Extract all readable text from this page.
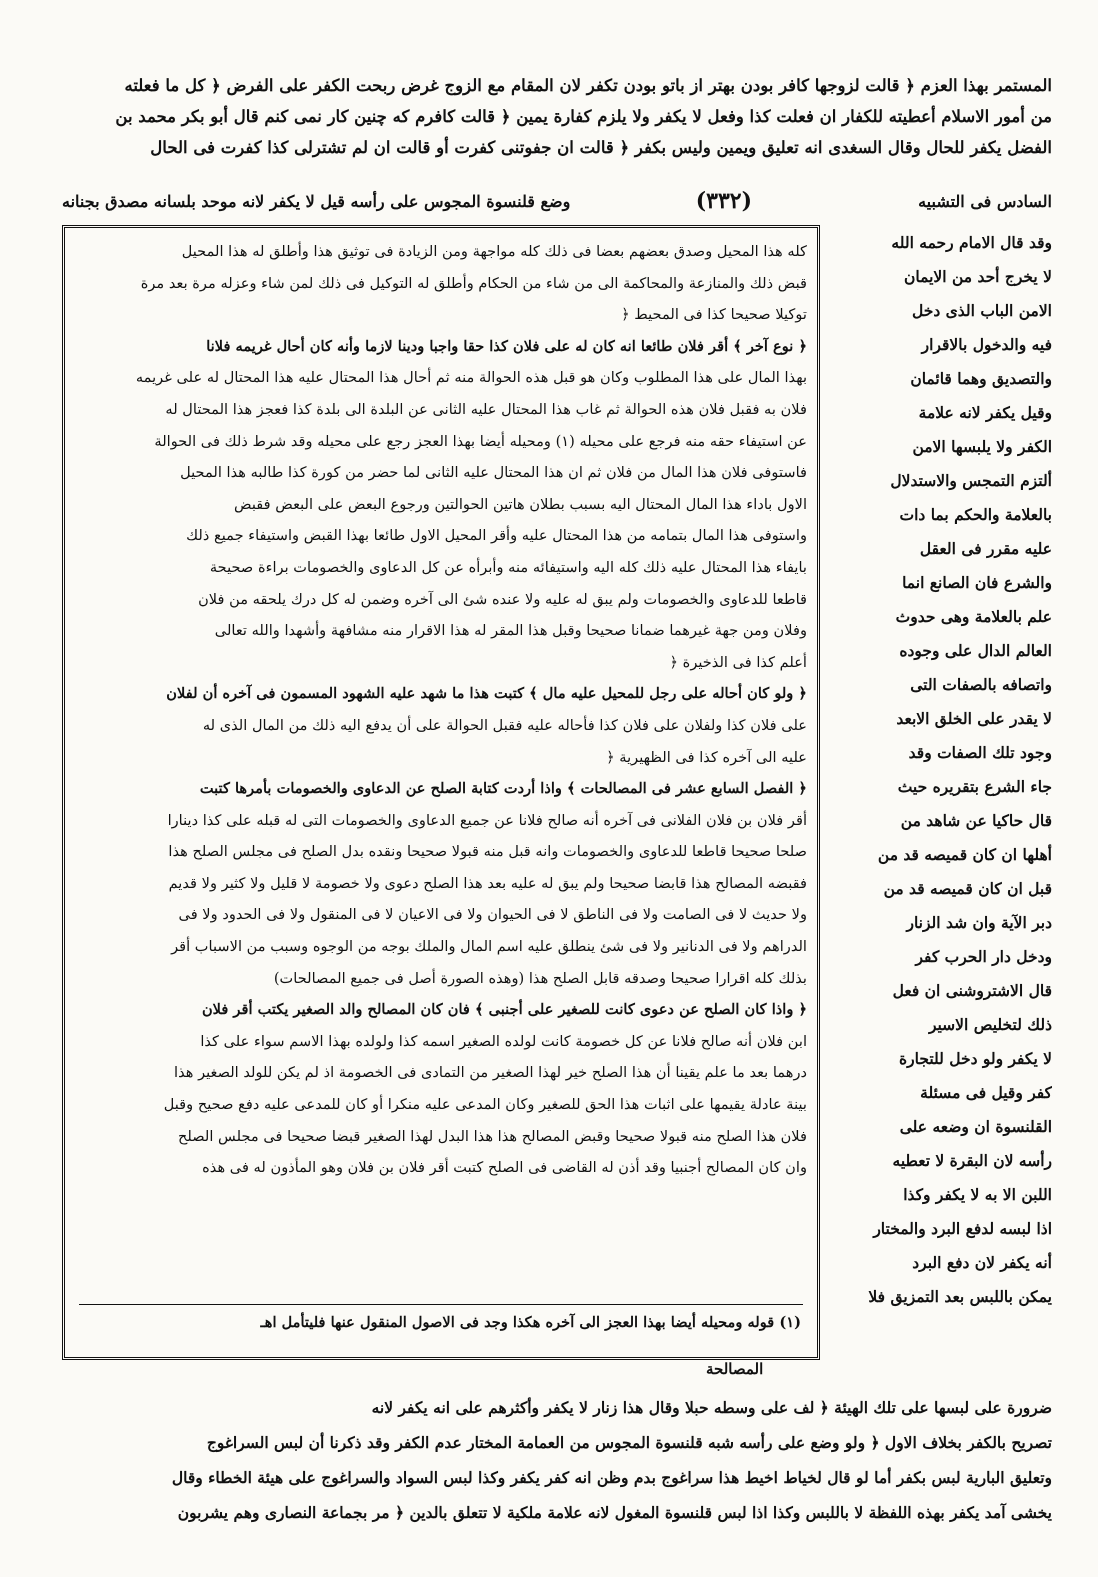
المستمر بهذا العزم ﴿ قالت لزوجها كافر بودن بهتر از باتو بودن تكفر لان المقام مع الزوج غرض ربحت الكفر على الفرض ﴿ كل ما فعلته

من أمور الاسلام أعطيته للكفار ان فعلت كذا وفعل لا يكفر ولا يلزم كفارة يمين ﴿ قالت كافرم كه چنين كار نمى كنم قال أبو بكر محمد بن

الفضل يكفر للحال وقال السغدى انه تعليق ويمين وليس بكفر ﴿ قالت ان جفوتنى كفرت أو قالت ان لم تشترلى كذا كفرت فى الحال

السادس فى التشبيه
(٣٣٢)
وضع قلنسوة المجوس على رأسه قيل لا يكفر لانه موحد بلسانه مصدق بجنانه

وقد قال الامام رحمه الله

لا يخرج أحد من الايمان

الامن الباب الذى دخل

فيه والدخول بالاقرار

والتصديق وهما قائمان

وقيل يكفر لانه علامة

الكفر ولا يلبسها الامن

ألتزم التمجس والاستدلال

بالعلامة والحكم بما دات

عليه مقرر فى العقل

والشرع فان الصانع انما

علم بالعلامة وهى حدوث

العالم الدال على وجوده

واتصافه بالصفات التى

لا يقدر على الخلق الابعد

وجود تلك الصفات وقد

جاء الشرع بتقريره حيث

قال حاكيا عن شاهد من

أهلها ان كان قميصه قد من

قبل ان كان قميصه قد من

دبر الآية وان شد الزنار

ودخل دار الحرب كفر

قال الاشتروشنى ان فعل

ذلك لتخليص الاسير

لا يكفر ولو دخل للتجارة

كفر وقيل فى مسئلة

القلنسوة ان وضعه على

رأسه لان البقرة لا تعطيه

اللبن الا به لا يكفر وكذا

اذا لبسه لدفع البرد والمختار

أنه يكفر لان دفع البرد

يمكن باللبس بعد التمزيق فلا

كله هذا المحيل وصدق بعضهم بعضا فى ذلك كله مواجهة ومن الزيادة فى توثيق هذا وأطلق له هذا المحيل

قبض ذلك والمنازعة والمحاكمة الى من شاء من الحكام وأطلق له التوكيل فى ذلك لمن شاء وعزله مرة بعد مرة

توكيلا صحيحا كذا فى المحيط ﴿

﴿ نوع آخر ﴾ أقر فلان طائعا انه كان له على فلان كذا حقا واجبا ودينا لازما وأنه كان أحال غريمه فلانا

بهذا المال على هذا المطلوب وكان هو قبل هذه الحوالة منه ثم أحال هذا المحتال عليه هذا المحتال له على غريمه

فلان به فقبل فلان هذه الحوالة ثم غاب هذا المحتال عليه الثانى عن البلدة الى بلدة كذا فعجز هذا المحتال له

عن استيفاء حقه منه فرجع على محيله (١) ومحيله أيضا بهذا العجز رجع على محيله وقد شرط ذلك فى الحوالة

فاستوفى فلان هذا المال من فلان ثم ان هذا المحتال عليه الثانى لما حضر من كورة كذا طالبه هذا المحيل

الاول باداء هذا المال المحتال اليه بسبب بطلان هاتين الحوالتين ورجوع البعض على البعض فقبض

واستوفى هذا المال بتمامه من هذا المحتال عليه وأقر المحيل الاول طائعا بهذا القبض واستيفاء جميع ذلك

بايفاء هذا المحتال عليه ذلك كله اليه واستيفائه منه وأبرأه عن كل الدعاوى والخصومات براءة صحيحة

قاطعا للدعاوى والخصومات ولم يبق له عليه ولا عنده شئ الى آخره وضمن له كل درك يلحقه من فلان

وفلان ومن جهة غيرهما ضمانا صحيحا وقبل هذا المقر له هذا الاقرار منه مشافهة وأشهدا والله تعالى

أعلم كذا فى الذخيرة ﴿

﴿ ولو كان أحاله على رجل للمحيل عليه مال ﴾ كتبت هذا ما شهد عليه الشهود المسمون فى آخره أن لفلان

على فلان كذا ولفلان على فلان كذا فأحاله عليه فقبل الحوالة على أن يدفع اليه ذلك من المال الذى له

عليه الى آخره كذا فى الظهيرية ﴿

﴿ الفصل السابع عشر فى المصالحات ﴾ واذا أردت كتابة الصلح عن الدعاوى والخصومات بأمرها كتبت

أقر فلان بن فلان الفلانى فى آخره أنه صالح فلانا عن جميع الدعاوى والخصومات التى له قبله على كذا دينارا

صلحا صحيحا قاطعا للدعاوى والخصومات وانه قبل منه قبولا صحيحا ونقده بدل الصلح فى مجلس الصلح هذا

فقبضه المصالح هذا قابضا صحيحا ولم يبق له عليه بعد هذا الصلح دعوى ولا خصومة لا قليل ولا كثير ولا قديم

ولا حديث لا فى الصامت ولا فى الناطق لا فى الحيوان ولا فى الاعيان لا فى المنقول ولا فى الحدود ولا فى

الدراهم ولا فى الدنانير ولا فى شئ ينطلق عليه اسم المال والملك بوجه من الوجوه وسبب من الاسباب أقر

بذلك كله اقرارا صحيحا وصدقه قابل الصلح هذا (وهذه الصورة أصل فى جميع المصالحات)

﴿ واذا كان الصلح عن دعوى كانت للصغير على أجنبى ﴾ فان كان المصالح والد الصغير يكتب أقر فلان

ابن فلان أنه صالح فلانا عن كل خصومة كانت لولده الصغير اسمه كذا ولولده بهذا الاسم سواء على كذا

درهما بعد ما علم يقينا أن هذا الصلح خير لهذا الصغير من التمادى فى الخصومة اذ لم يكن للولد الصغير هذا

بينة عادلة يقيمها على اثبات هذا الحق للصغير وكان المدعى عليه منكرا أو كان للمدعى عليه دفع صحيح وقبل

فلان هذا الصلح منه قبولا صحيحا وقبض المصالح هذا هذا البدل لهذا الصغير قبضا صحيحا فى مجلس الصلح

وان كان المصالح أجنبيا وقد أذن له القاضى فى الصلح كتبت أقر فلان بن فلان وهو المأذون له فى هذه

(١) قوله ومحيله أيضا بهذا العجز الى آخره هكذا وجد فى الاصول المنقول عنها فليتأمل اهـ
المصالحة

ضرورة على لبسها على تلك الهيئة ﴿ لف على وسطه حبلا وقال هذا زنار لا يكفر وأكثرهم على انه يكفر لانه

تصريح بالكفر بخلاف الاول ﴿ ولو وضع على رأسه شبه قلنسوة المجوس من العمامة المختار عدم الكفر وقد ذكرنا أن لبس السراغوج

وتعليق البارية لبس بكفر أما لو قال لخياط اخيط هذا سراغوج بدم وظن انه كفر يكفر وكذا لبس السواد والسراغوج على هيئة الخطاء وقال

يخشى آمد يكفر بهذه اللفظة لا باللبس وكذا اذا لبس قلنسوة المغول لانه علامة ملكية لا تتعلق بالدين ﴿ مر بجماعة النصارى وهم يشربون
